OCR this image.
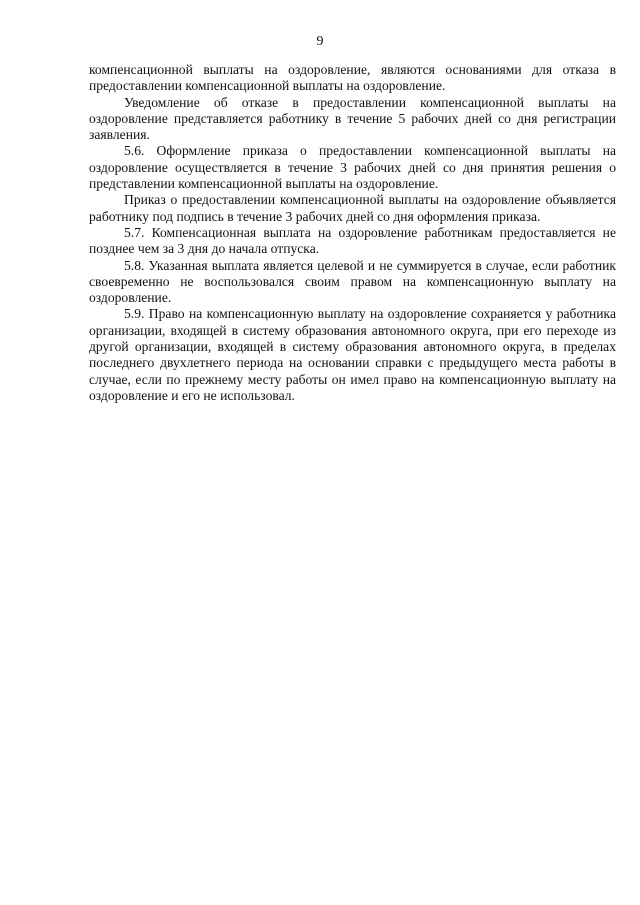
9

компенсационной выплаты на оздоровление, являются основаниями для отказа в предоставлении компенсационной выплаты на оздоровление.

Уведомление об отказе в предоставлении компенсационной выплаты на оздоровление представляется работнику в течение 5 рабочих дней со дня регистрации заявления.

5.6. Оформление приказа о предоставлении компенсационной выплаты на оздоровление осуществляется в течение 3 рабочих дней со дня принятия решения о представлении компенсационной выплаты на оздоровление.

Приказ о предоставлении компенсационной выплаты на оздоровление объявляется работнику под подпись в течение 3 рабочих дней со дня оформления приказа.

5.7. Компенсационная выплата на оздоровление работникам предоставляется не позднее чем за 3 дня до начала отпуска.

5.8. Указанная выплата является целевой и не суммируется в случае, если работник своевременно не воспользовался своим правом на компенсационную выплату на оздоровление.

5.9. Право на компенсационную выплату на оздоровление сохраняется у работника организации, входящей в систему образования автономного округа, при его переходе из другой организации, входящей в систему образования автономного округа, в пределах последнего двухлетнего периода на основании справки с предыдущего места работы в случае, если по прежнему месту работы он имел право на компенсационную выплату на оздоровление и его не использовал.
